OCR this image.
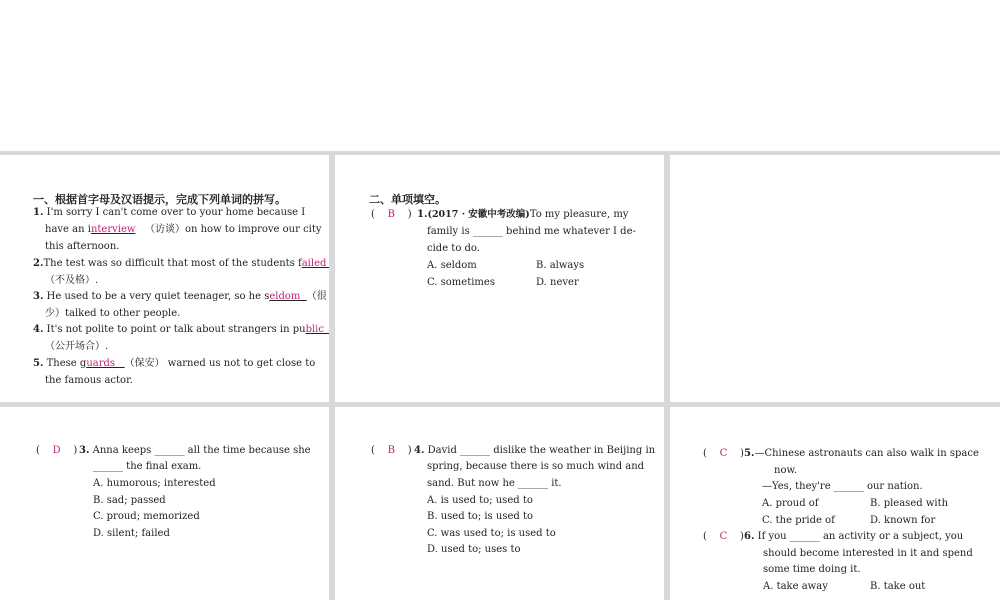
一、根据首字母及汉语提示，完成下列单词的拼写。
1. I'm sorry I can't come over to your home because I
have an interview （访谈）on how to improve our city
this afternoon.
2.The test was so difficult that most of the students failed
（不及格）.
3. He used to be a very quiet teenager, so he seldom （很
少）talked to other people.
4. It's not polite to point or talk about strangers in public
（公开场合）.
5. These guards （保安） warned us not to get close to
the famous actor.
二、单项填空。
(    B    ) 1.(2017 · 安徽中考改编)To my pleasure, my
family is ______ behind me whatever I de-
cide to do.
A. seldom	B. always
C. sometimes	D. never
(    D    ) 3. Anna keeps ______ all the time because she
______ the final exam.
A. humorous; interested
B. sad; passed
C. proud; memorized
D. silent; failed
(    B    ) 4. David ______ dislike the weather in Beijing in
spring, because there is so much wind and
sand. But now he ______ it.
A. is used to; used to
B. used to; is used to
C. was used to; is used to
D. used to; uses to
(    C    ) 5.—Chinese astronauts can also walk in space
now.
—Yes, they're ______ our nation.
A. proud of	B. pleased with
C. the pride of	D. known for
(    C    ) 6. If you ______ an activity or a subject, you
should become interested in it and spend
some time doing it.
A. take away	B. take out
